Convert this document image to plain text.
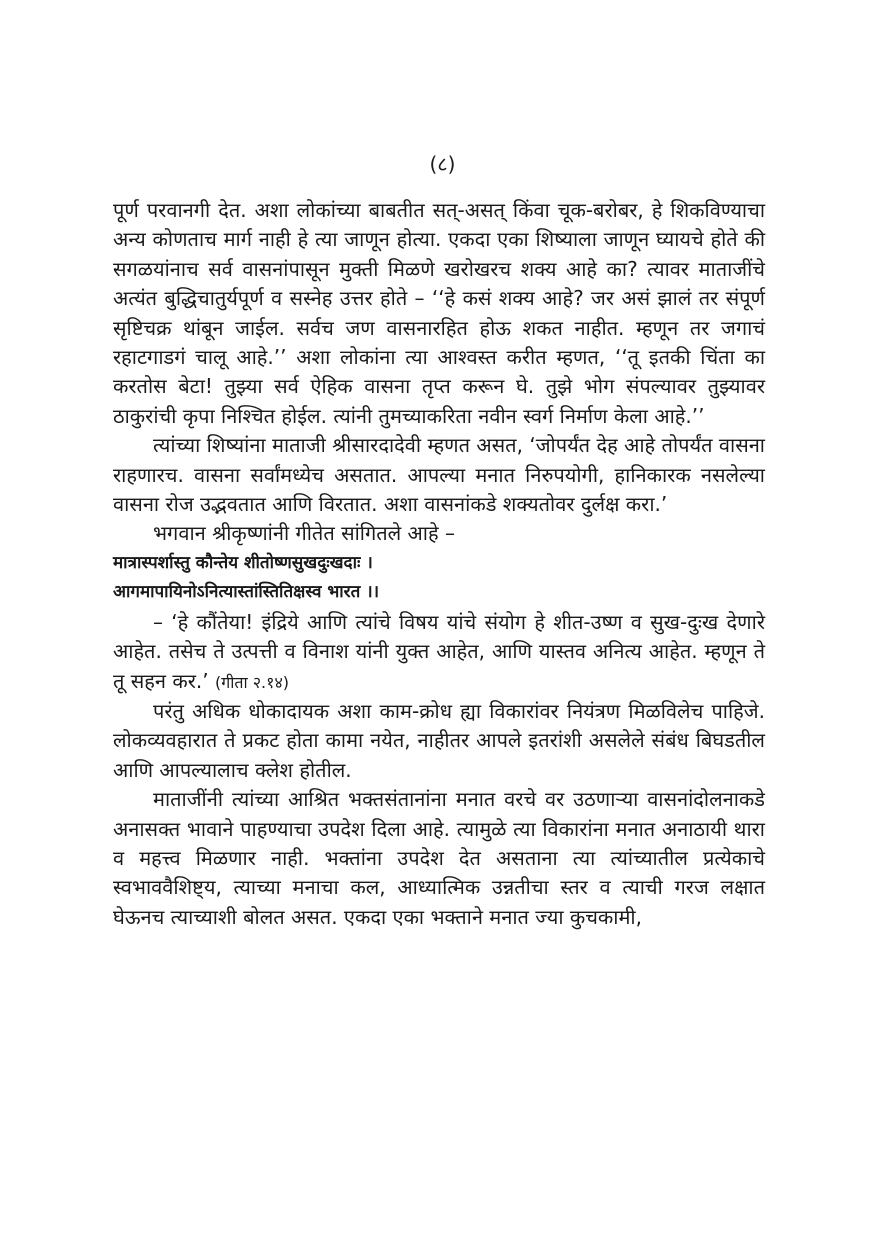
(८)

पूर्ण परवानगी देत. अशा लोकांच्या बाबतीत सत्-असत् किंवा चूक-बरोबर, हे शिकविण्याचा अन्य कोणताच मार्ग नाही हे त्या जाणून होत्या. एकदा एका शिष्याला जाणून घ्यायचे होते की सगळयांनाच सर्व वासनांपासून मुक्ती मिळणे खरोखरच शक्य आहे का? त्यावर माताजींचे अत्यंत बुद्धिचातुर्यपूर्ण व सस्नेह उत्तर होते – ‘‘हे कसं शक्य आहे? जर असं झालं तर संपूर्ण सृष्टिचक्र थांबून जाईल. सर्वच जण वासनारहित होऊ शकत नाहीत. म्हणून तर जगाचं रहाटगाडगं चालू आहे.’’ अशा लोकांना त्या आश्वस्त करीत म्हणत, ‘‘तू इतकी चिंता का करतोस बेटा! तुझ्या सर्व ऐहिक वासना तृप्त करून घे. तुझे भोग संपल्यावर तुझ्यावर ठाकुरांची कृपा निश्चित होईल. त्यांनी तुमच्याकरिता नवीन स्वर्ग निर्माण केला आहे.’’

त्यांच्या शिष्यांना माताजी श्रीसारदादेवी म्हणत असत, ‘जोपर्यंत देह आहे तोपर्यंत वासना राहणारच. वासना सर्वांमध्येच असतात. आपल्या मनात निरुपयोगी, हानिकारक नसलेल्या वासना रोज उद्भवतात आणि विरतात. अशा वासनांकडे शक्यतोवर दुर्लक्ष करा.’

भगवान श्रीकृष्णांनी गीतेत सांगितले आहे –

मात्रास्पर्शास्तु कौन्तेय शीतोष्णसुखदुःखदाः ।

आगमापायिनोऽनित्यास्तांस्तितिक्षस्व भारत ।।

– ‘हे कौंतेया! इंद्रिये आणि त्यांचे विषय यांचे संयोग हे शीत-उष्ण व सुख-दुःख देणारे आहेत. तसेच ते उत्पत्ती व विनाश यांनी युक्त आहेत, आणि यास्तव अनित्य आहेत. म्हणून ते तू सहन कर.’ (गीता २.१४)

परंतु अधिक धोकादायक अशा काम-क्रोध ह्या विकारांवर नियंत्रण मिळविलेच पाहिजे. लोकव्यवहारात ते प्रकट होता कामा नयेत, नाहीतर आपले इतरांशी असलेले संबंध बिघडतील आणि आपल्यालाच क्लेश होतील.

माताजींनी त्यांच्या आश्रित भक्तसंतानांना मनात वरचे वर उठणाऱ्या वासनांदोलनाकडे अनासक्त भावाने पाहण्याचा उपदेश दिला आहे. त्यामुळे त्या विकारांना मनात अनाठायी थारा व महत्त्व मिळणार नाही. भक्तांना उपदेश देत असताना त्या त्यांच्यातील प्रत्येकाचे स्वभाववैशिष्ट्य, त्याच्या मनाचा कल, आध्यात्मिक उन्नतीचा स्तर व त्याची गरज लक्षात घेऊनच त्याच्याशी बोलत असत. एकदा एका भक्ताने मनात ज्या कुचकामी,
